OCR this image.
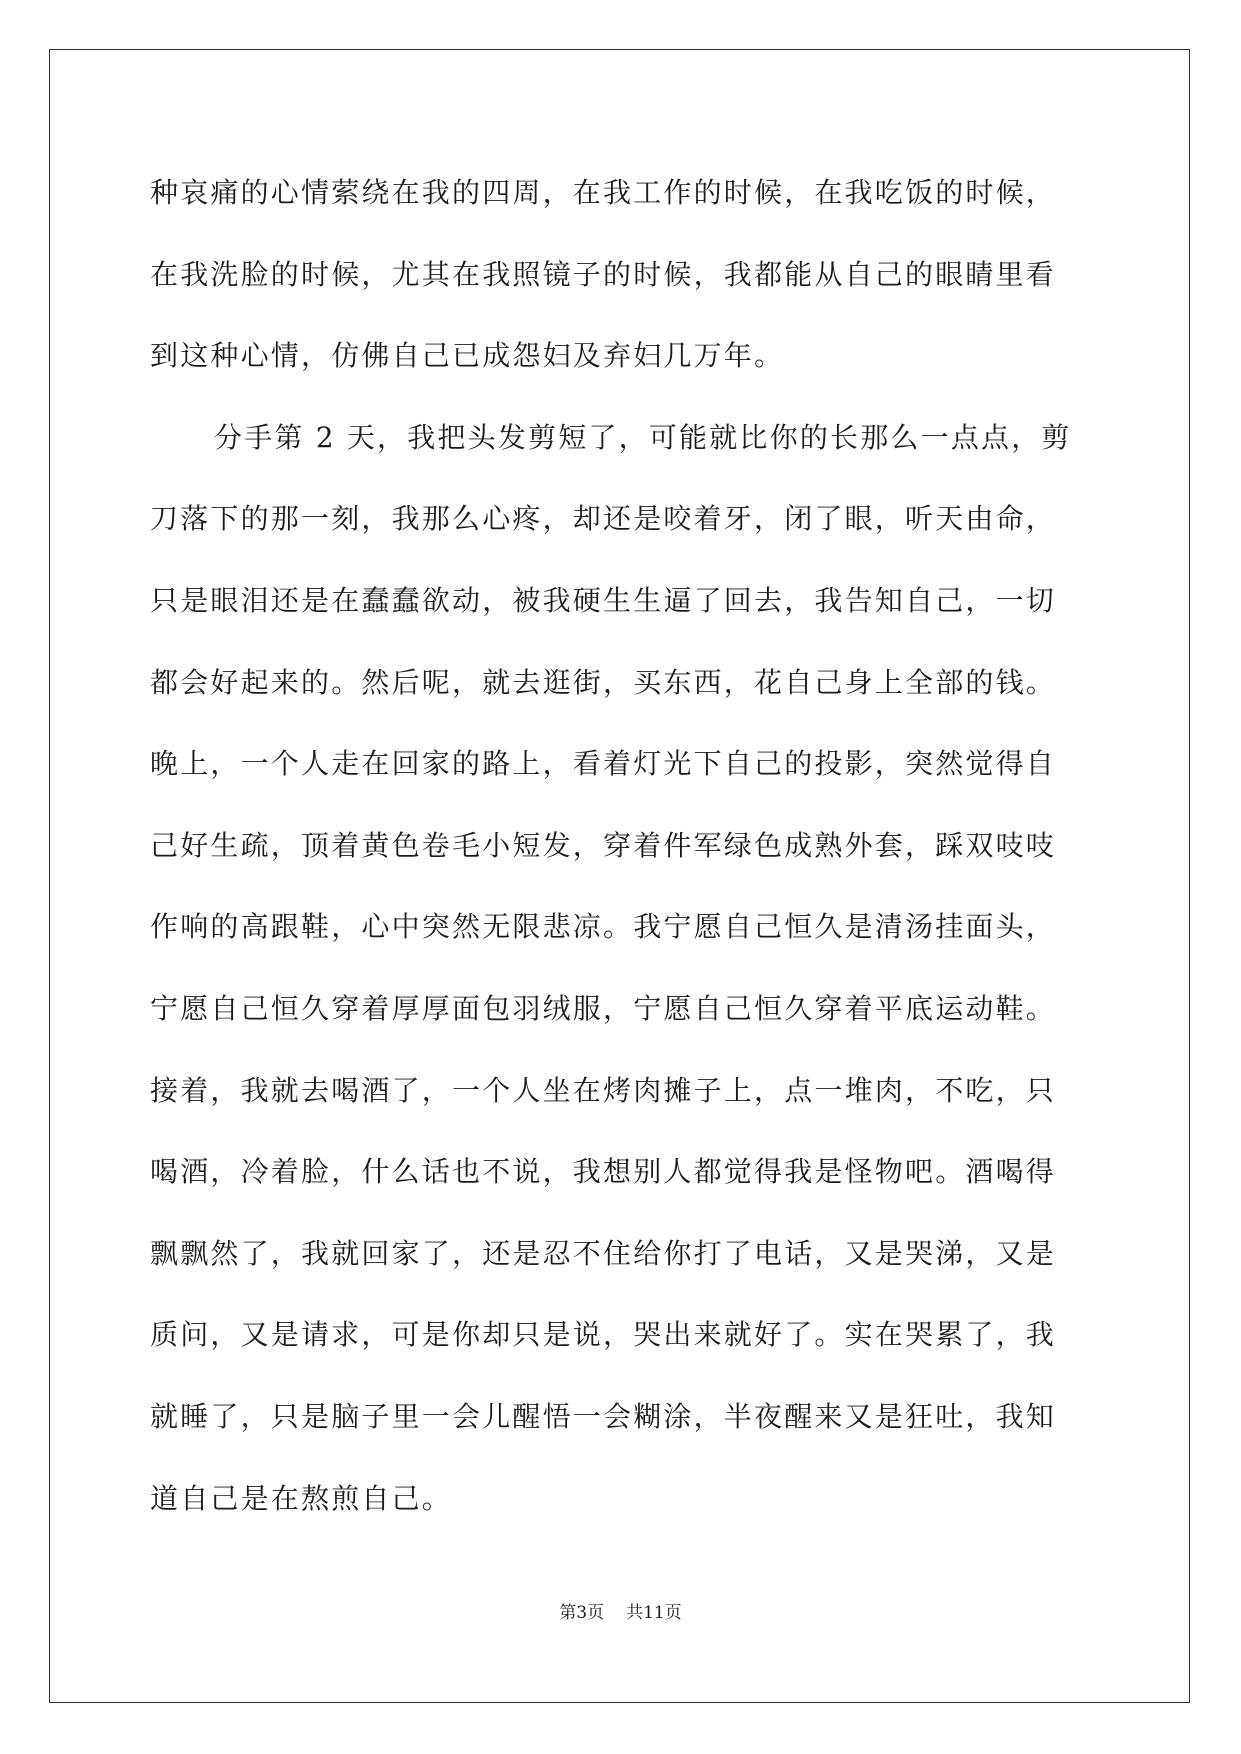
种哀痛的心情萦绕在我的四周，在我工作的时候，在我吃饭的时候，
在我洗脸的时候，尤其在我照镜子的时候，我都能从自己的眼睛里看
到这种心情，仿佛自己已成怨妇及弃妇几万年。
分手第 2 天，我把头发剪短了，可能就比你的长那么一点点，剪
刀落下的那一刻，我那么心疼，却还是咬着牙，闭了眼，听天由命，
只是眼泪还是在蠢蠢欲动，被我硬生生逼了回去，我告知自己，一切
都会好起来的。然后呢，就去逛街，买东西，花自己身上全部的钱。
晚上，一个人走在回家的路上，看着灯光下自己的投影，突然觉得自
己好生疏，顶着黄色卷毛小短发，穿着件军绿色成熟外套，踩双吱吱
作响的高跟鞋，心中突然无限悲凉。我宁愿自己恒久是清汤挂面头，
宁愿自己恒久穿着厚厚面包羽绒服，宁愿自己恒久穿着平底运动鞋。
接着，我就去喝酒了，一个人坐在烤肉摊子上，点一堆肉，不吃，只
喝酒，冷着脸，什么话也不说，我想别人都觉得我是怪物吧。酒喝得
飘飘然了，我就回家了，还是忍不住给你打了电话，又是哭涕，又是
质问，又是请求，可是你却只是说，哭出来就好了。实在哭累了，我
就睡了，只是脑子里一会儿醒悟一会糊涂，半夜醒来又是狂吐，我知
道自己是在熬煎自己。
第3页 共11页
